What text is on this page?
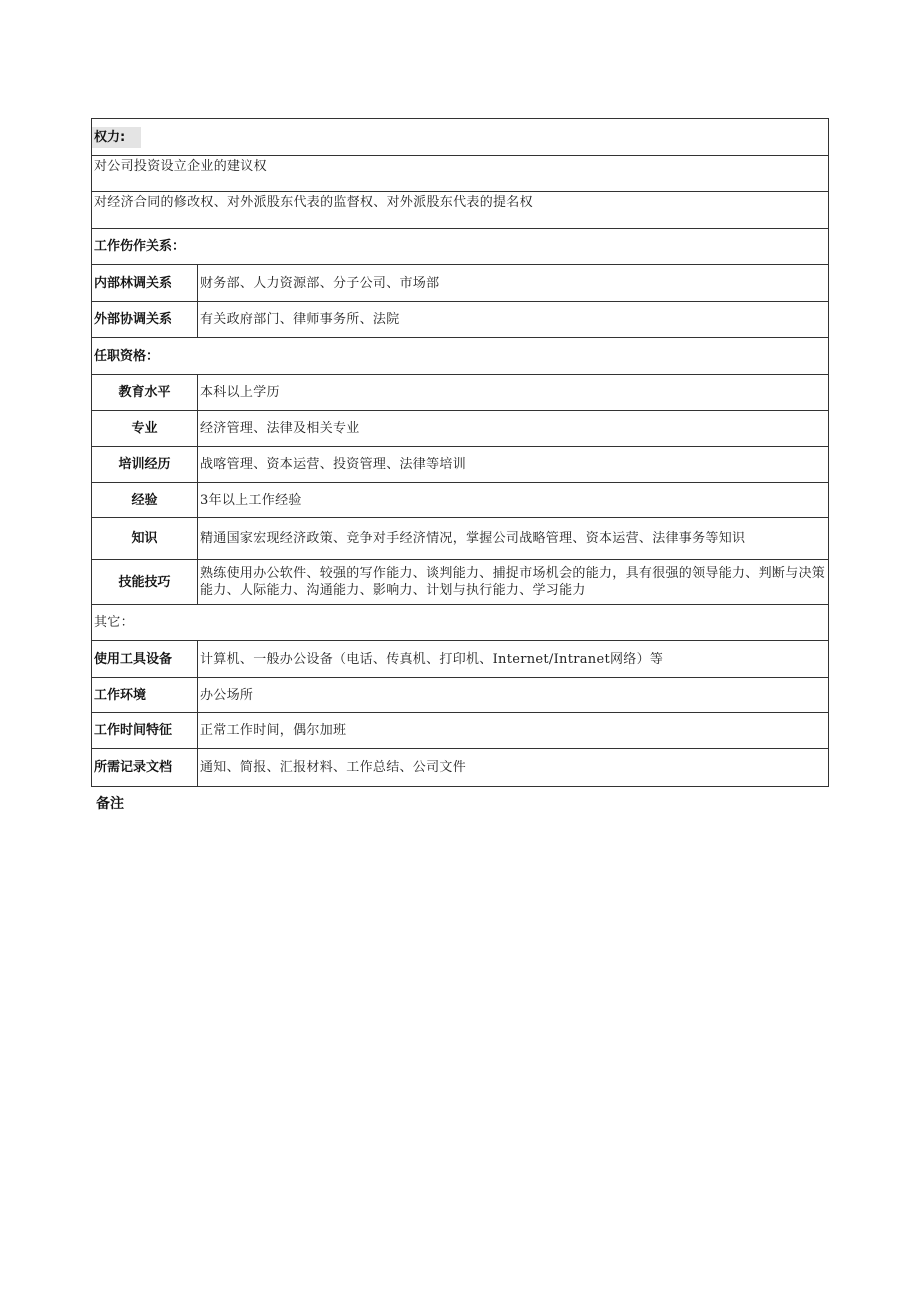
权力:	
对公司投资设立企业的建议权	
对经济合同的修改权、对外派股东代表的监督权、对外派股东代表的提名权	
工作伤作关系：	
内部林调关系	财务部、人力资源部、分子公司、市场部
外部协调关系	有关政府部门、律师事务所、法院
任职资格：	
教育水平	本科以上学历
专业	经济管理、法律及相关专业
培训经历	战喀管理、资本运营、投资管理、法律等培训
经验	3年以上工作经验
知识	精通国家宏现经济政策、竞争对手经济情况，掌握公司战略管理、资本运营、法律事务等知识
技能技巧	熟练使用办公软件、较强的写作能力、谈判能力、捕捉市场机会的能力，具有很强的领导能力、判断与决策能力、人际能力、沟通能力、影响力、计划与执行能力、学习能力
其它：	
使用工具设备	计算机、一般办公设备（电话、传真机、打印机、Internet/Intranet网络）等
工作环境	办公场所
工作时间特征	正常工作时间，偶尔加班
所需记录文档	通知、简报、汇报材料、工作总结、公司文件
备注
